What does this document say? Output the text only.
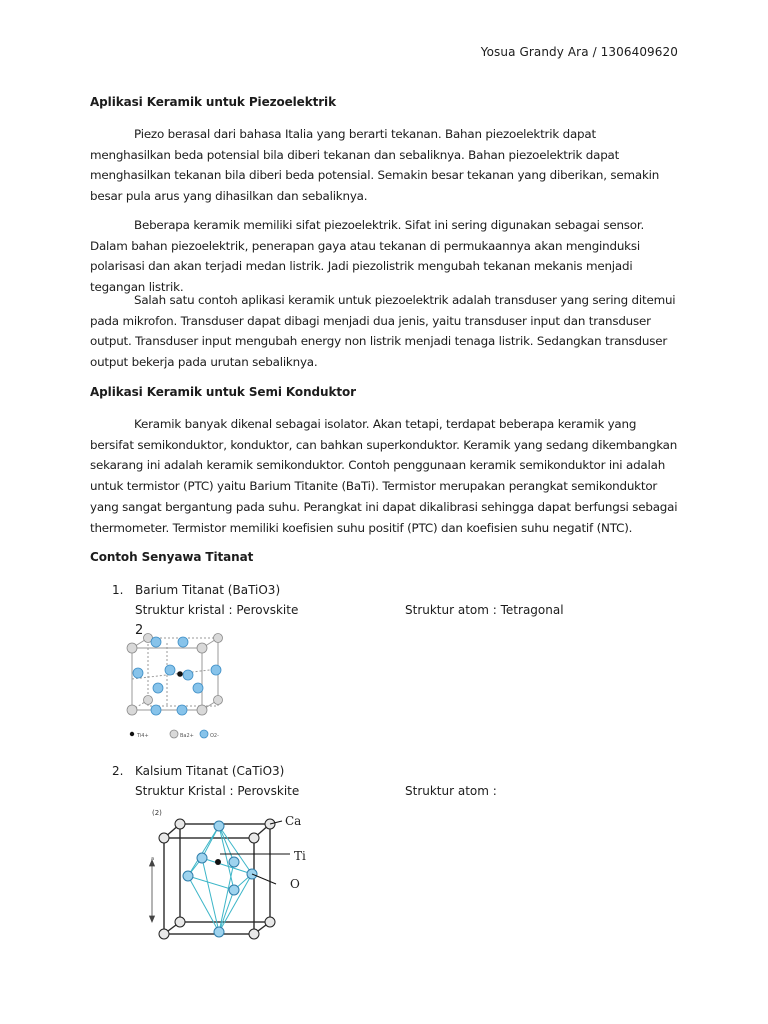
Yosua Grandy Ara / 1306409620
Aplikasi Keramik untuk Piezoelektrik

Piezo berasal dari bahasa Italia yang berarti tekanan. Bahan piezoelektrik dapat menghasilkan beda potensial bila diberi tekanan dan sebaliknya. Bahan piezoelektrik dapat menghasilkan tekanan bila diberi beda potensial. Semakin besar tekanan yang diberikan, semakin besar pula arus yang dihasilkan dan sebaliknya.

Beberapa keramik memiliki sifat piezoelektrik. Sifat ini sering digunakan sebagai sensor. Dalam bahan piezoelektrik, penerapan gaya atau tekanan di permukaannya akan menginduksi polarisasi dan akan terjadi medan listrik. Jadi piezolistrik mengubah tekanan mekanis menjadi tegangan listrik.

Salah satu contoh aplikasi keramik untuk piezoelektrik adalah transduser yang sering ditemui pada mikrofon. Transduser dapat dibagi menjadi dua jenis, yaitu transduser input dan transduser output. Transduser input mengubah energy non listrik menjadi tenaga listrik. Sedangkan transduser output bekerja pada urutan sebaliknya.

Aplikasi Keramik untuk Semi Konduktor

Keramik banyak dikenal sebagai isolator. Akan tetapi, terdapat beberapa keramik yang bersifat semikonduktor, konduktor, can bahkan superkonduktor. Keramik yang sedang dikembangkan sekarang ini adalah keramik semikonduktor. Contoh penggunaan keramik semikonduktor ini adalah untuk termistor (PTC) yaitu Barium Titanite (BaTi). Termistor merupakan perangkat semikonduktor yang sangat bergantung pada suhu. Perangkat ini dapat dikalibrasi sehingga dapat berfungsi sebagai thermometer. Termistor memiliki koefisien suhu positif (PTC) dan koefisien suhu negatif (NTC).

Contoh Senyawa Titanat
1. Barium Titanat (BaTiO3)
Struktur kristal : Perovskite	Struktur atom : Tetragonal
2
Ti4+	Ba2+	O2-
2. Kalsium Titanat (CaTiO3)
Struktur Kristal : Perovskite	Struktur atom :
(2)
a
Ca
Ti
O
